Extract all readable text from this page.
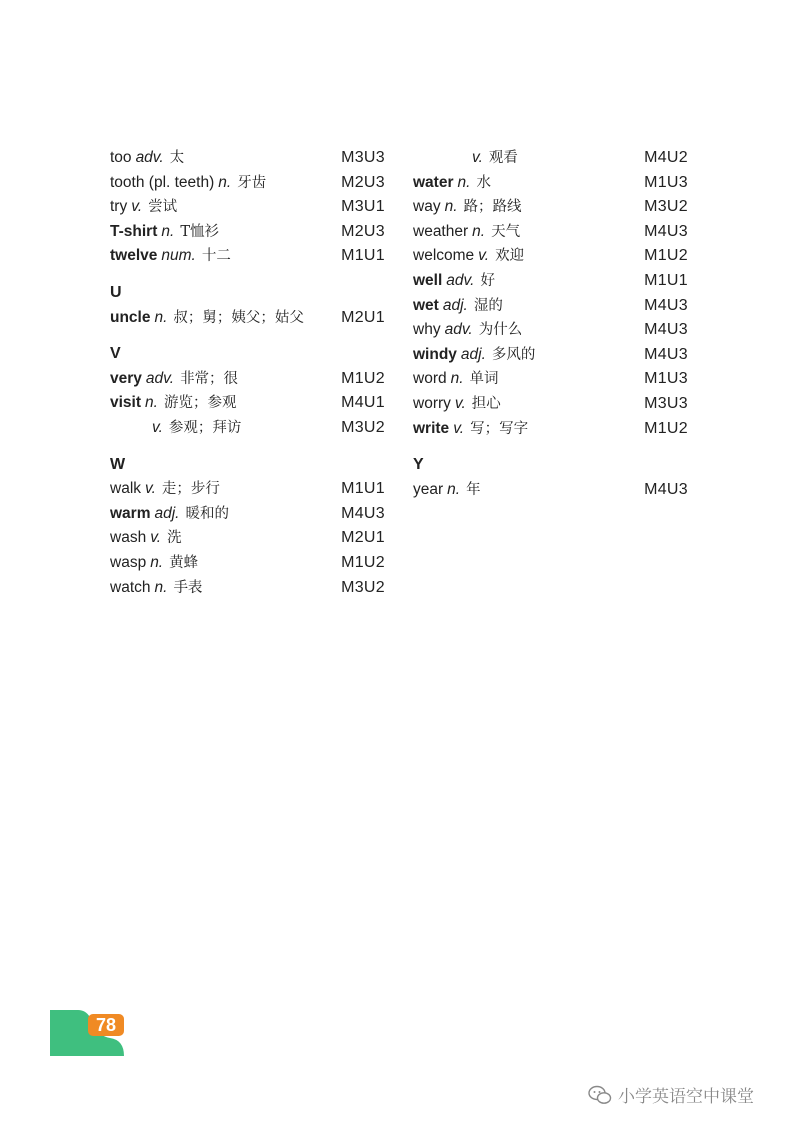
too adv. 太	M3U3
tooth (pl. teeth) n. 牙齿	M2U3
try v. 尝试	M3U1
T-shirt n. T恤衫	M2U3
twelve num. 十二	M1U1
U
uncle n. 叔；舅；姨父；姑父 M2U1
V
very adv. 非常；很	M1U2
visit n. 游览；参观	M4U1
v. 参观；拜访	M3U2
W
walk v. 走；步行	M1U1
warm adj. 暖和的	M4U3
wash v. 洗	M2U1
wasp n. 黄蜂	M1U2
watch n. 手表	M3U2
v. 观看	M4U2
water n. 水	M1U3
way n. 路；路线	M3U2
weather n. 天气	M4U3
welcome v. 欢迎	M1U2
well adv. 好	M1U1
wet adj. 湿的	M4U3
why adv. 为什么	M4U3
windy adj. 多风的	M4U3
word n. 单词	M1U3
worry v. 担心	M3U3
write v. 写；写字	M1U2
Y
year n. 年	M4U3
78
小学英语空中课堂
